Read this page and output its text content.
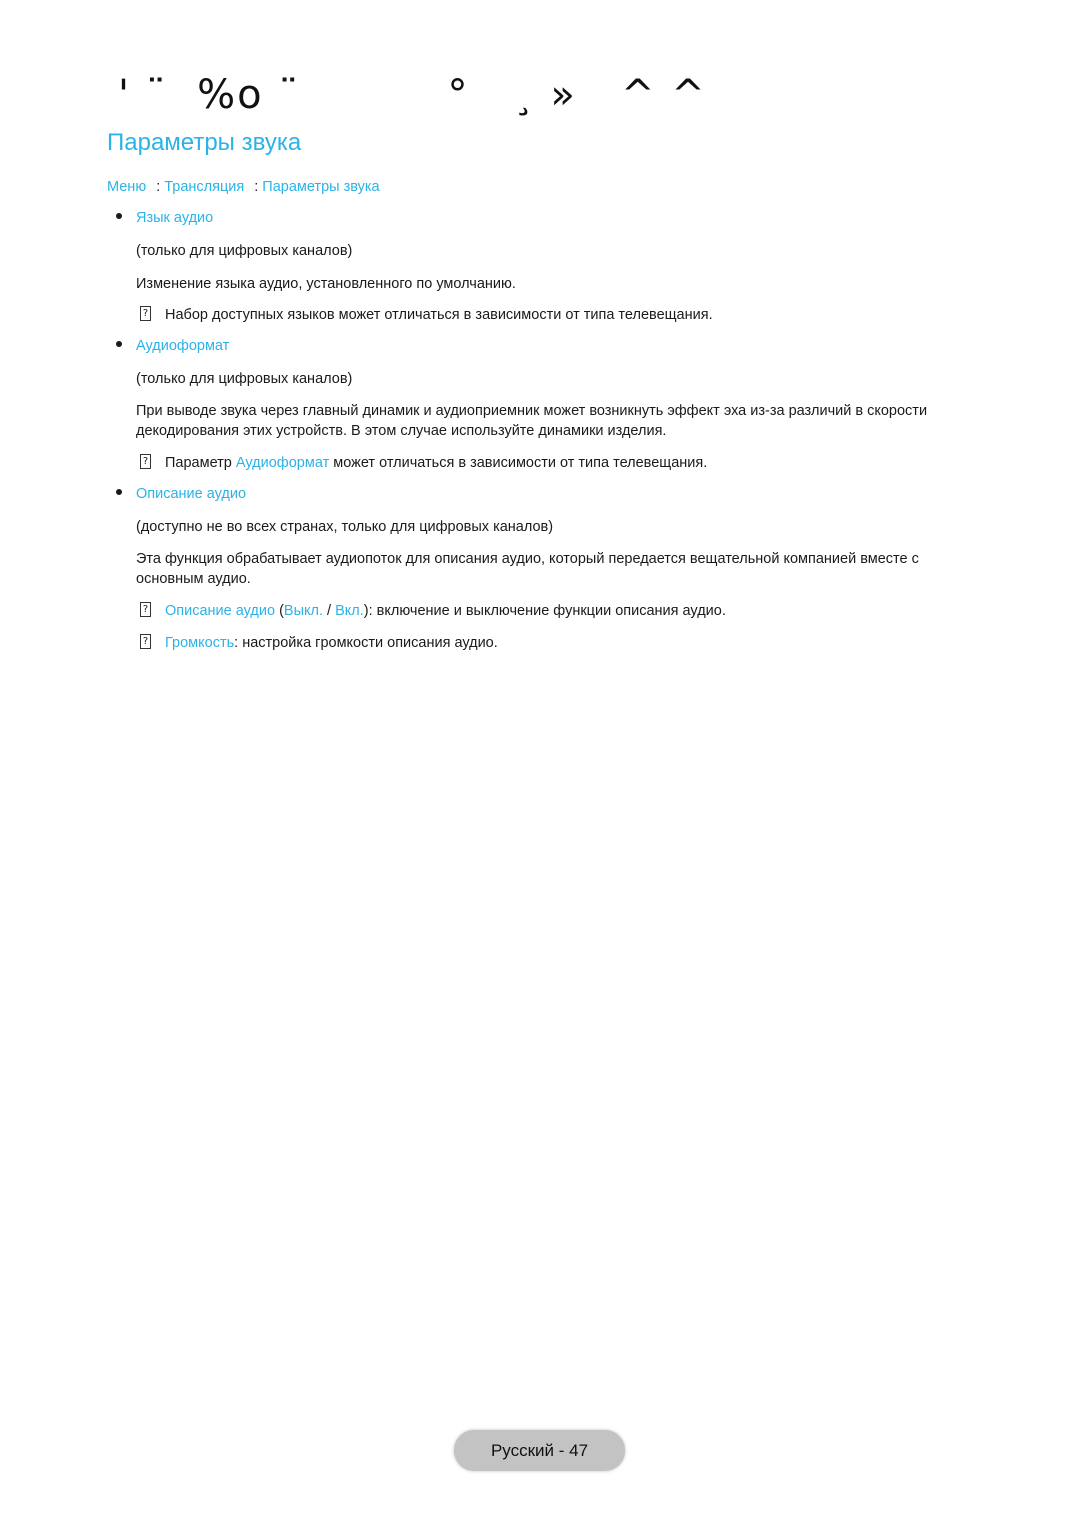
' ¨  %o ¨          °   ¸ »   ^ ^
Параметры звука
Меню : Трансляция : Параметры звука
Язык аудио
(только для цифровых каналов)
Изменение языка аудио, установленного по умолчанию.
? Набор доступных языков может отличаться в зависимости от типа телевещания.
Аудиоформат
(только для цифровых каналов)
При выводе звука через главный динамик и аудиоприемник может возникнуть эффект эха из-за различий в скорости декодирования этих устройств. В этом случае используйте динамики изделия.
? Параметр Аудиоформат может отличаться в зависимости от типа телевещания.
Описание аудио
(доступно не во всех странах, только для цифровых каналов)
Эта функция обрабатывает аудиопоток для описания аудио, который передается вещательной компанией вместе с основным аудио.
? Описание аудио (Выкл. / Вкл.): включение и выключение функции описания аудио.
? Громкость: настройка громкости описания аудио.
Русский - 47
